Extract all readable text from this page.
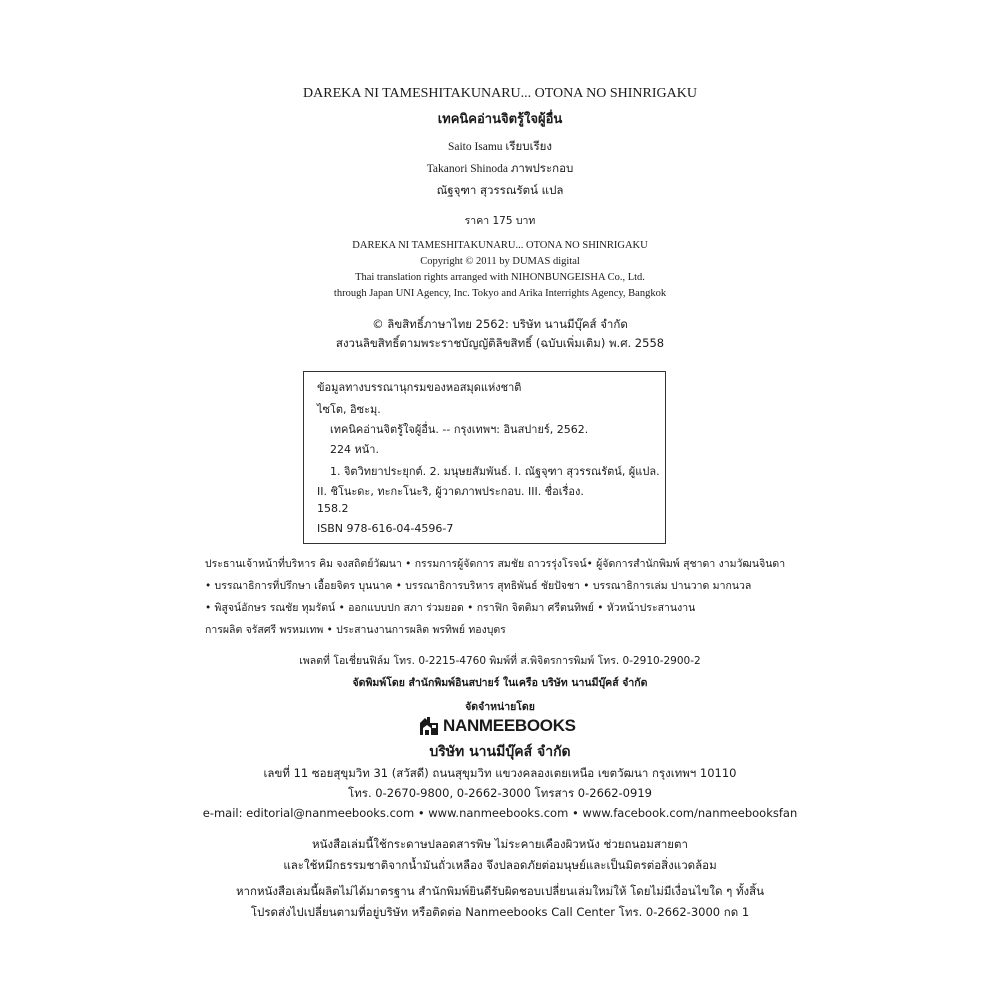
DAREKA NI TAMESHITAKUNARU... OTONA NO SHINRIGAKU
เทคนิคอ่านจิตรู้ใจผู้อื่น
Saito Isamu เรียบเรียง
Takanori Shinoda ภาพประกอบ
ณัฐจุฑา สุวรรณรัตน์ แปล
ราคา 175 บาท
DAREKA NI TAMESHITAKUNARU... OTONA NO SHINRIGAKU
Copyright © 2011 by DUMAS digital
Thai translation rights arranged with NIHONBUNGEISHA Co., Ltd.
through Japan UNI Agency, Inc. Tokyo and Arika Interrights Agency, Bangkok
© ลิขสิทธิ์ภาษาไทย 2562: บริษัท นานมีบุ๊คส์ จำกัด
สงวนลิขสิทธิ์ตามพระราชบัญญัติลิขสิทธิ์ (ฉบับเพิ่มเติม) พ.ศ. 2558
ข้อมูลทางบรรณานุกรมของหอสมุดแห่งชาติ
ไซโต, อิซะมุ.
เทคนิคอ่านจิตรู้ใจผู้อื่น. -- กรุงเทพฯ: อินสปายร์, 2562.
224 หน้า.
1. จิตวิทยาประยุกต์. 2. มนุษยสัมพันธ์. I. ณัฐจุฑา สุวรรณรัตน์, ผู้แปล.
II. ชิโนะดะ, ทะกะโนะริ, ผู้วาดภาพประกอบ. III. ชื่อเรื่อง.
158.2
ISBN 978-616-04-4596-7
ประธานเจ้าหน้าที่บริหาร คิม จงสถิตย์วัฒนา • กรรมการผู้จัดการ สมชัย ถาวรรุ่งโรจน์• ผู้จัดการสำนักพิมพ์ สุชาดา งามวัฒนจินดา
• บรรณาธิการที่ปรึกษา เอื้อยจิตร บุนนาค • บรรณาธิการบริหาร สุทธิพันธ์ ชัยปัจชา • บรรณาธิการเล่ม ปานวาด มากนวล
• พิสูจน์อักษร รณชัย ทุมรัตน์ • ออกแบบปก สภา ร่วมยอด • กราฟิก จิตติมา ศรีตนทิพย์ • หัวหน้าประสานงาน
การผลิต จรัสศรี พรหมเทพ • ประสานงานการผลิต พรทิพย์ ทองบุตร
เพลตที่ โอเชี่ยนฟิล์ม โทร. 0-2215-4760 พิมพ์ที่ ส.พิจิตรการพิมพ์ โทร. 0-2910-2900-2
จัดพิมพ์โดย สำนักพิมพ์อินสปายร์ ในเครือ บริษัท นานมีบุ๊คส์ จำกัด
จัดจำหน่ายโดย
NANMEEBOOKS
บริษัท นานมีบุ๊คส์ จำกัด
เลขที่ 11 ซอยสุขุมวิท 31 (สวัสดี) ถนนสุขุมวิท แขวงคลองเตยเหนือ เขตวัฒนา กรุงเทพฯ 10110
โทร. 0-2670-9800, 0-2662-3000 โทรสาร 0-2662-0919
e-mail: editorial@nanmeebooks.com • www.nanmeebooks.com • www.facebook.com/nanmeebooksfan
หนังสือเล่มนี้ใช้กระดาษปลอดสารพิษ ไม่ระคายเคืองผิวหนัง ช่วยถนอมสายตา
และใช้หมึกธรรมชาติจากน้ำมันถั่วเหลือง จึงปลอดภัยต่อมนุษย์และเป็นมิตรต่อสิ่งแวดล้อม
หากหนังสือเล่มนี้ผลิตไม่ได้มาตรฐาน สำนักพิมพ์ยินดีรับผิดชอบเปลี่ยนเล่มใหม่ให้ โดยไม่มีเงื่อนไขใด ๆ ทั้งสิ้น
โปรดส่งไปเปลี่ยนตามที่อยู่บริษัท หรือติดต่อ Nanmeebooks Call Center โทร. 0-2662-3000 กด 1
